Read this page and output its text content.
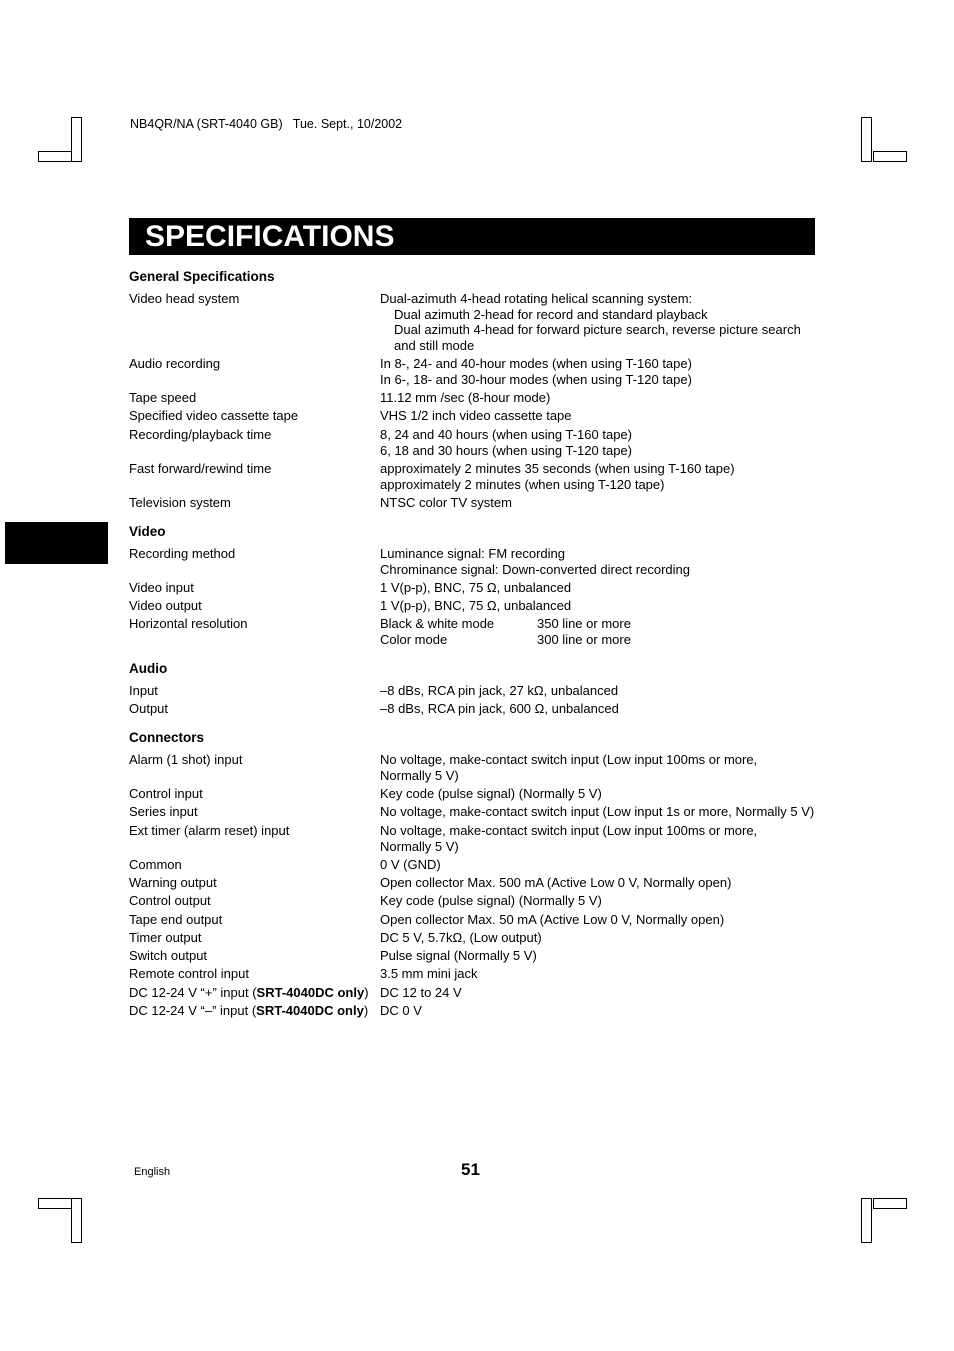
NB4QR/NA (SRT-4040 GB)   Tue. Sept., 10/2002
SPECIFICATIONS
General Specifications
Video head system	Dual-azimuth 4-head rotating helical scanning system:
Dual azimuth 2-head for record and standard playback
Dual azimuth 4-head for forward picture search, reverse picture search
and still mode
Audio recording	In 8-, 24- and 40-hour modes (when using T-160 tape)
In 6-, 18- and 30-hour modes (when using T-120 tape)
Tape speed	11.12 mm /sec (8-hour mode)
Specified video cassette tape	VHS 1/2 inch video cassette tape
Recording/playback time	8, 24 and 40 hours (when using T-160 tape)
6, 18 and 30 hours (when using T-120 tape)
Fast forward/rewind time	approximately 2 minutes 35 seconds (when using T-160 tape)
approximately 2 minutes (when using T-120 tape)
Television system	NTSC color TV system
Video
Recording method	Luminance signal: FM recording
Chrominance signal: Down-converted direct recording
Video input	1 V(p-p), BNC, 75 Ω, unbalanced
Video output	1 V(p-p), BNC, 75 Ω, unbalanced
Horizontal resolution	Black & white mode	350 line or more
Color mode	300 line or more
Audio
Input	–8 dBs, RCA pin jack, 27 kΩ, unbalanced
Output	–8 dBs, RCA pin jack, 600 Ω, unbalanced
Connectors
Alarm (1 shot) input	No voltage, make-contact switch input (Low input 100ms or more,
Normally 5 V)
Control input	Key code (pulse signal) (Normally 5 V)
Series input	No voltage, make-contact switch input (Low input 1s or more, Normally 5 V)
Ext timer (alarm reset) input	No voltage, make-contact switch input (Low input 100ms or more,
Normally 5 V)
Common	0 V (GND)
Warning output	Open collector Max. 500 mA (Active Low 0 V, Normally open)
Control output	Key code (pulse signal) (Normally 5 V)
Tape end output	Open collector Max. 50 mA (Active Low 0 V, Normally open)
Timer output	DC 5 V, 5.7kΩ, (Low output)
Switch output	Pulse signal (Normally 5 V)
Remote control input	3.5 mm mini jack
DC 12-24 V “+” input (SRT-4040DC only) DC 12 to 24 V
DC 12-24 V “–” input (SRT-4040DC only) DC 0 V
English	51
